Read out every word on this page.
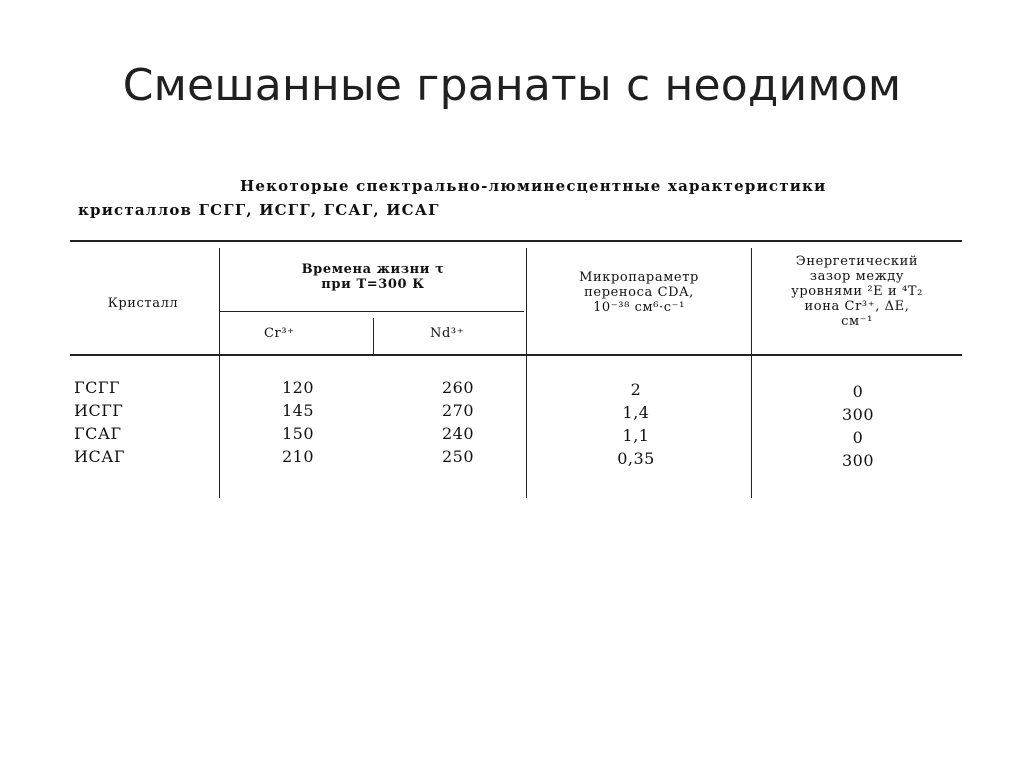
Смешанные гранаты с неодимом
Некоторые спектрально-люминесцентные характеристики
кристаллов ГСГГ, ИСГГ, ГСАГ, ИСАГ
Кристалл
Времена жизни τ
при T=300 К
Cr³⁺	Nd³⁺
Микропараметр
переноса CDA,
10⁻³⁸ см⁶·с⁻¹
Энергетический
зазор между
уровнями ²E и ⁴T₂
иона Cr³⁺, ΔE,
см⁻¹
ГСГГ
ИСГГ
ГСАГ
ИСАГ
120
145
150
210
260
270
240
250
2
1,4
1,1
0,35
0
300
0
300
